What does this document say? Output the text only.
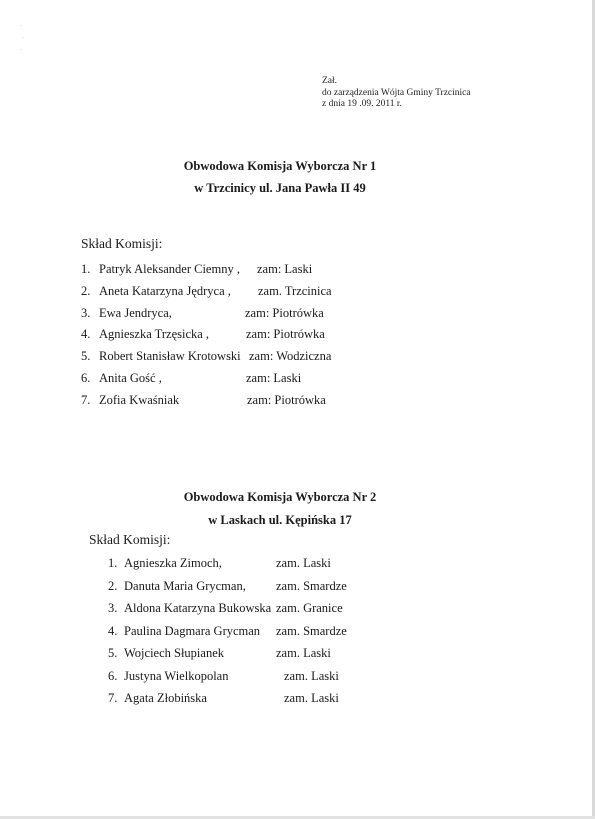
·
·
·
Zał.
do zarządzenia Wójta Gminy Trzcinica
z dnia 19 .09. 2011 r.
Obwodowa Komisja Wyborcza Nr 1
w Trzcinicy ul. Jana Pawła II 49
Skład Komisji:
1. Patryk Aleksander Ciemny , zam: Laski
2. Aneta Katarzyna Jędryca , zam. Trzcinica
3. Ewa Jendryca,	zam: Piotrówka
4. Agnieszka Trzęsicka ,	zam: Piotrówka
5. Robert Stanisław Krotowski zam: Wodziczna
6. Anita Gość ,	zam: Laski
7. Zofia Kwaśniak	zam: Piotrówka
Obwodowa Komisja Wyborcza Nr 2
w Laskach ul. Kępińska 17
Skład Komisji:
1. Agnieszka Zimoch,	zam. Laski
2. Danuta Maria Grycman, zam. Smardze
3. Aldona Katarzyna Bukowska zam. Granice
4. Paulina Dagmara Grycman zam. Smardze
5. Wojciech Słupianek	zam. Laski
6. Justyna Wielkopolan	zam. Laski
7. Agata Złobińska	zam. Laski
